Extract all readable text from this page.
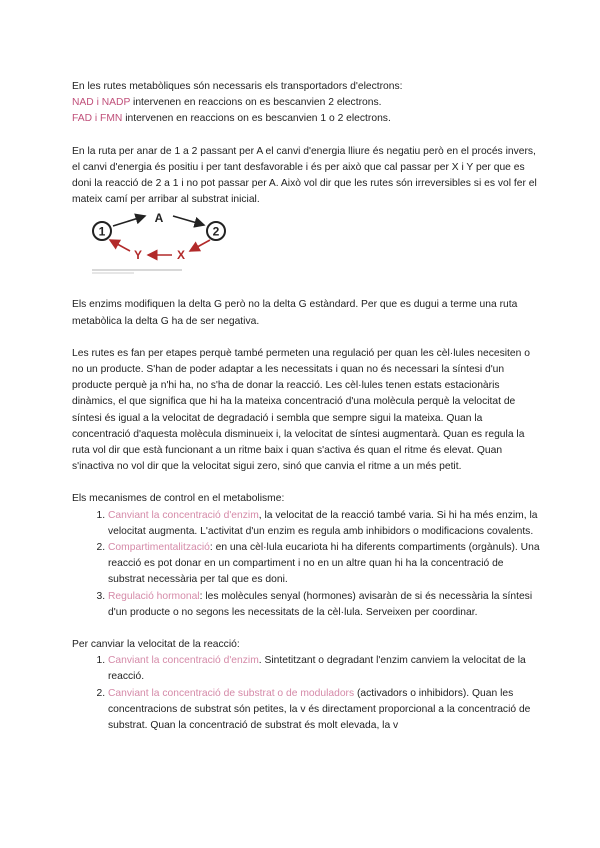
En les rutes metabòliques són necessaris els transportadors d'electrons:

NAD i NADP intervenen en reaccions on es bescanvien 2 electrons.

FAD i FMN intervenen en reaccions on es bescanvien 1 o 2 electrons.

En la ruta per anar de 1 a 2 passant per A el canvi d'energia lliure és negatiu però en el procés invers, el canvi d'energia és positiu i per tant desfavorable i és per això que cal passar per X i Y per que es doni la reacció de 2 a 1 i no pot passar per A. Això vol dir que les rutes són irreversibles si es vol fer el mateix camí per arribar al substrat inicial.

1	2
A
X
Y

Els enzims modifiquen la delta G però no la delta G estàndard. Per que es dugui a terme una ruta metabòlica la delta G ha de ser negativa.

Les rutes es fan per etapes perquè també permeten una regulació per quan les cèl·lules necesiten o no un producte. S'han de poder adaptar a les necessitats i quan no és necessari la síntesi d'un producte perquè ja n'hi ha, no s'ha de donar la reacció. Les cèl·lules tenen estats estacionàris dinàmics, el que significa que hi ha la mateixa concentració d'una molècula perquè la velocitat de síntesi és igual a la velocitat de degradació i sembla que sempre sigui la mateixa. Quan la concentració d'aquesta molècula disminueix i, la velocitat de síntesi augmentarà. Quan es regula la ruta vol dir que està funcionant a un ritme baix i quan s'activa és quan el ritme és elevat. Quan s'inactiva no vol dir que la velocitat sigui zero, sinó que canvia el ritme a un més petit.

Els mecanismes de control en el metabolisme:

1. Canviant la concentració d'enzim, la velocitat de la reacció també varia. Si hi ha més enzim, la velocitat augmenta. L'activitat d'un enzim es regula amb inhibidors o modificacions covalents.
2. Compartimentalització: en una cèl·lula eucariota hi ha diferents compartiments (orgànuls). Una reacció es pot donar en un compartiment i no en un altre quan hi ha la concentració de substrat necessària per tal que es doni.
3. Regulació hormonal: les molècules senyal (hormones) avisaràn de si és necessària la síntesi d'un producte o no segons les necessitats de la cèl·lula. Serveixen per coordinar.

Per canviar la velocitat de la reacció:

1. Canviant la concentració d'enzim. Sintetitzant o degradant l'enzim canviem la velocitat de la reacció.
2. Canviant la concentració de substrat o de moduladors (activadors o inhibidors). Quan les concentracions de substrat són petites, la v és directament proporcional a la concentració de substrat. Quan la concentració de substrat és molt elevada, la v
